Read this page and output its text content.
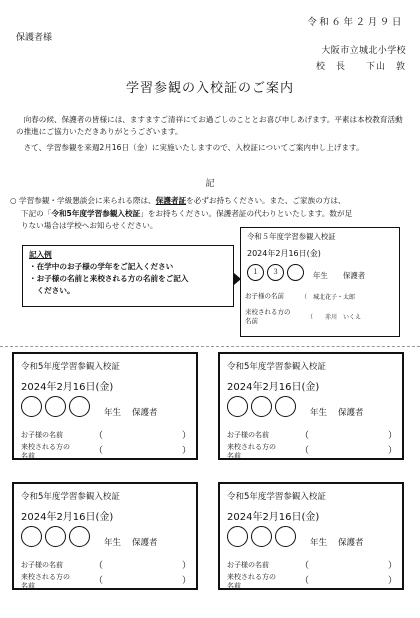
令和６年２月９日
保護者様
大阪市立城北小学校
校　長　　下山　敦
学習参観の入校証のご案内
向春の候、保護者の皆様には、ますますご清祥にてお過ごしのこととお喜び申しあげます。平素は本校教育活動の推進にご協力いただきありがとうございます。
さて、学習参観を来週2月16日（金）に実施いたしますので、入校証についてご案内申し上げます。
記
○ 学習参観・学級懇談会に来られる際は、保護者証を必ずお持ちください。また、ご家族の方は、
下記の「令和5年度学習参観入校証」をお持ちください。保護者証の代わりといたします。数が足
りない場合は学校へお知らせください。
記入例
・在学中のお子様の学年をご記入ください
・お子様の名前と来校される方の名前をご記入
　ください。
令和５年度学習参観入校証
2024年2月16日(金)
１	３	年生 保護者
お子様の名前	（　城北花子・太郎
来校される方の
名前	（　　赤川　いくえ
令和5年度学習参観入校証
2024年2月16日(金)
年生 保護者
お子様の名前	（	）
来校される方の
名前	（	）
令和5年度学習参観入校証
2024年2月16日(金)
年生 保護者
お子様の名前	（	）
来校される方の
名前	（	）
令和5年度学習参観入校証
2024年2月16日(金)
年生 保護者
お子様の名前	（	）
来校される方の
名前	（	）
令和5年度学習参観入校証
2024年2月16日(金)
年生 保護者
お子様の名前	（	）
来校される方の
名前	（	）
